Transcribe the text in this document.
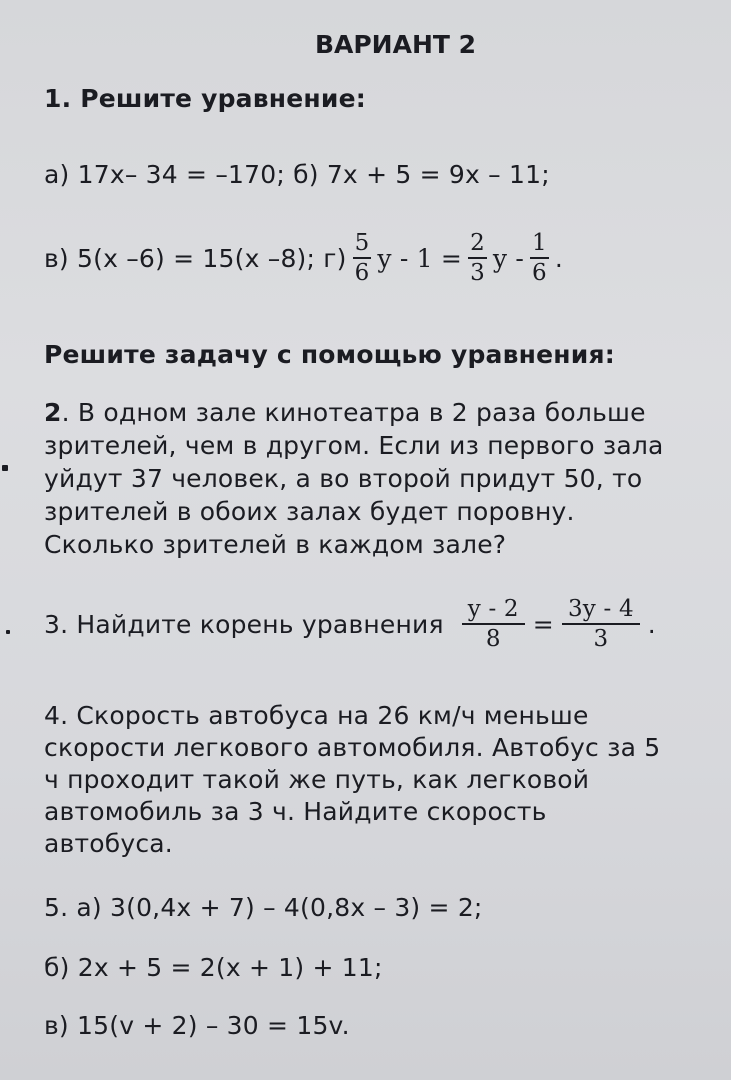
ВАРИАНТ 2
1. Решите уравнение:
а) 17х– 34 = –170; б) 7х + 5 = 9х – 11;
в) 5(х –6) = 15(х –8); $г) \frac{5}{6}$ $y - 1 = \frac{2}{3}$ y - $\frac{1}{6}$ .
Решите задачу с помощью уравнения:
2. В одном зале кинотеатра в 2 раза больше
зрителей, чем в другом. Если из первого зала
уйдут 37 человек, а во второй придут 50, то
зрителей в обоих залах будет поровну.
Сколько зрителей в каждом зале?
3. Найдите корень уравнения $\frac{y - 2}{8} = \frac{3y - 4}{3}$ .
4. Скорость автобуса на 26 км/ч меньше
скорости легкового автомобиля. Автобус за 5
ч проходит такой же путь, как легковой
автомобиль за 3 ч. Найдите скорость
автобуса.
5. а) 3(0,4х + 7) – 4(0,8х – 3) = 2;
б) 2х + 5 = 2(х + 1) + 11;
в) 15(v + 2) – 30 = 15v.
